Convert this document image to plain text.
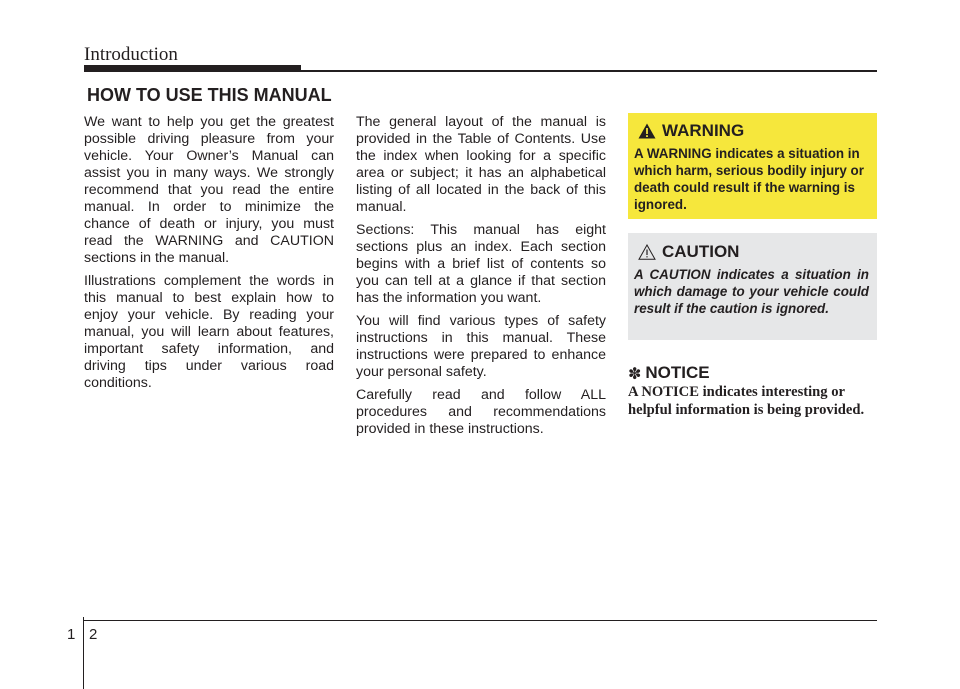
Introduction
HOW TO USE THIS MANUAL

We want to help you get the greatest possible driving pleasure from your vehicle. Your Owner’s Manual can assist you in many ways. We strongly recommend that you read the entire manual. In order to minimize the chance of death or injury, you must read the WARNING and CAUTION sections in the manual.

Illustrations complement the words in this manual to best explain how to enjoy your vehicle. By reading your manual, you will learn about features, important safety information, and driving tips under various road conditions.

The general layout of the manual is provided in the Table of Contents. Use the index when looking for a specific area or subject; it has an alphabetical listing of all located in the back of this manual.

Sections: This manual has eight sections plus an index. Each section begins with a brief list of contents so you can tell at a glance if that section has the information you want.

You will find various types of safety instructions in this manual. These instructions were prepared to enhance your personal safety.

Carefully read and follow ALL procedures and recommendations provided in these instructions.

WARNING
A WARNING indicates a situation in which harm, serious bodily injury or death could result if the warning is ignored.
CAUTION
A CAUTION indicates a situation in which damage to your vehicle could result if the caution is ignored.
✽ NOTICE
A NOTICE indicates interesting or helpful information is being provided.
1 2
